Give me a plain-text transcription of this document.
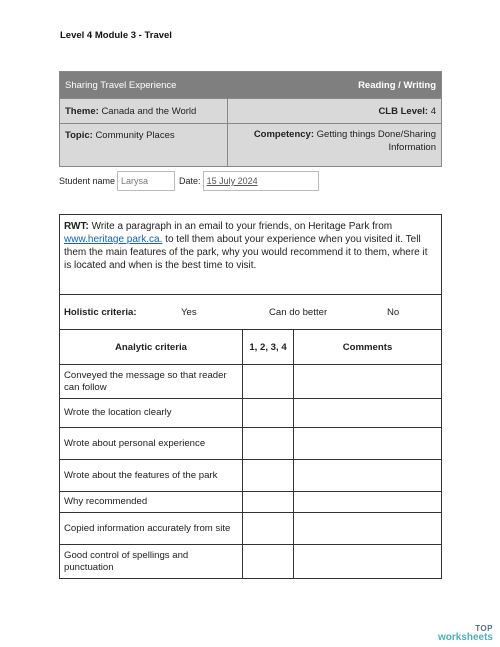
Level 4 Module 3 - Travel
Sharing Travel Experience	Reading / Writing
Theme: Canada and the World	CLB Level: 4
Topic: Community Places	Competency: Getting things Done/Sharing Information
Student name Larysa	Date: 15 July 2024
RWT: Write a paragraph in an email to your friends, on Heritage Park from www.heritage park.ca. to tell them about your experience when you visited it. Tell them the main features of the park, why you would recommend it to them, where it is located and when is the best time to visit.		

Holistic criteria: Yes Can do better No		

Analytic criteria	1, 2, 3, 4	Comments
Conveyed the message so that reader can follow		
Wrote the location clearly		
Wrote about personal experience		
Wrote about the features of the park		
Why recommended		
Copied information accurately from site		
Good control of spellings and punctuation		
TOP
worksheets
